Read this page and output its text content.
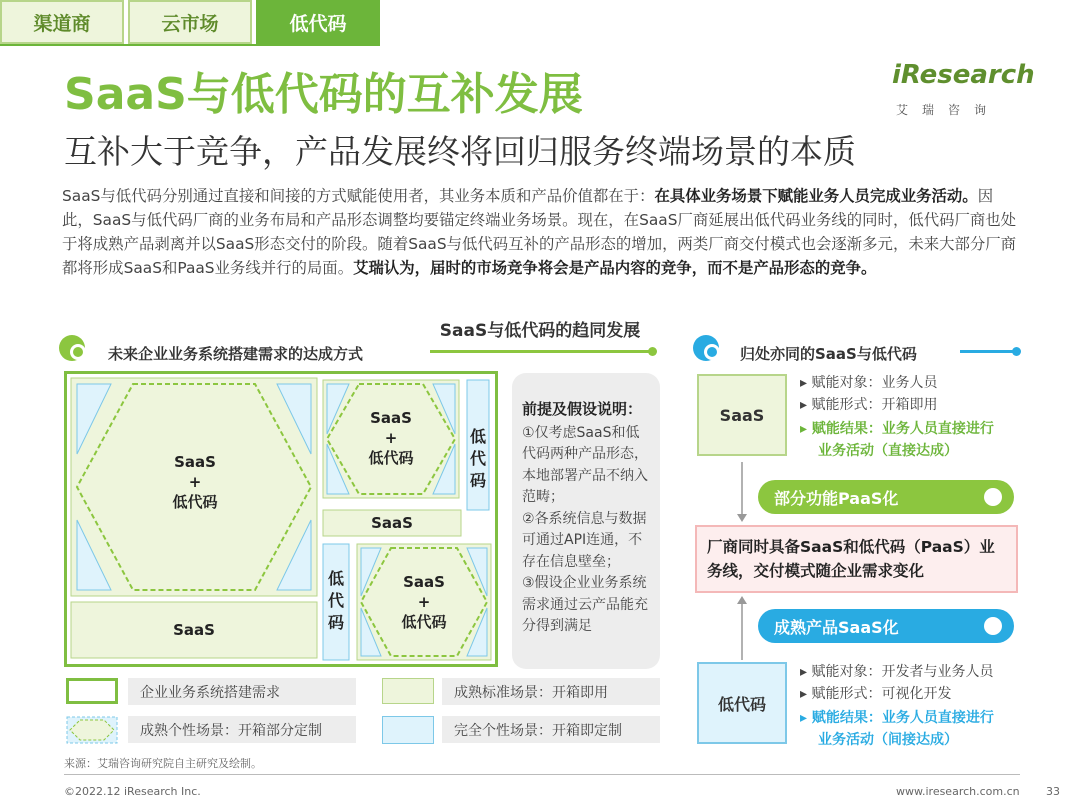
渠道商	云市场	低代码
iResearch
艾瑞咨询
SaaS与低代码的互补发展
互补大于竞争，产品发展终将回归服务终端场景的本质
SaaS与低代码分别通过直接和间接的方式赋能使用者，其业务本质和产品价值都在于：在具体业务场景下赋能业务人员完成业务活动。因此，SaaS与低代码厂商的业务布局和产品形态调整均要锚定终端业务场景。现在，在SaaS厂商延展出低代码业务线的同时，低代码厂商也处于将成熟产品剥离并以SaaS形态交付的阶段。随着SaaS与低代码互补的产品形态的增加，两类厂商交付模式也会逐渐多元，未来大部分厂商都将形成SaaS和PaaS业务线并行的局面。艾瑞认为，届时的市场竞争将会是产品内容的竞争，而不是产品形态的竞争。
SaaS与低代码的趋同发展
未来企业业务系统搭建需求的达成方式
SaaS
+
低代码
SaaS
+
低代码
低
代
码
SaaS
SaaS
低
代
码
SaaS
+
低代码
前提及假设说明：
①仅考虑SaaS和低代码两种产品形态，本地部署产品不纳入范畴；
②各系统信息与数据可通过API连通，不存在信息壁垒；
③假设企业业务系统需求通过云产品能充分得到满足
企业业务系统搭建需求	成熟标准场景：开箱即用
成熟个性场景：开箱部分定制	完全个性场景：开箱即定制
归处亦同的SaaS与低代码
SaaS
▸ 赋能对象：业务人员
▸ 赋能形式：开箱即用
▸ 赋能结果：业务人员直接进行
业务活动（直接达成）
部分功能PaaS化
厂商同时具备SaaS和低代码（PaaS）业务线，交付模式随企业需求变化
成熟产品SaaS化
低代码
▸ 赋能对象：开发者与业务人员
▸ 赋能形式：可视化开发
▸ 赋能结果：业务人员直接进行
业务活动（间接达成）
来源：艾瑞咨询研究院自主研究及绘制。
©2022.12 iResearch Inc.	www.iresearch.com.cn 33
